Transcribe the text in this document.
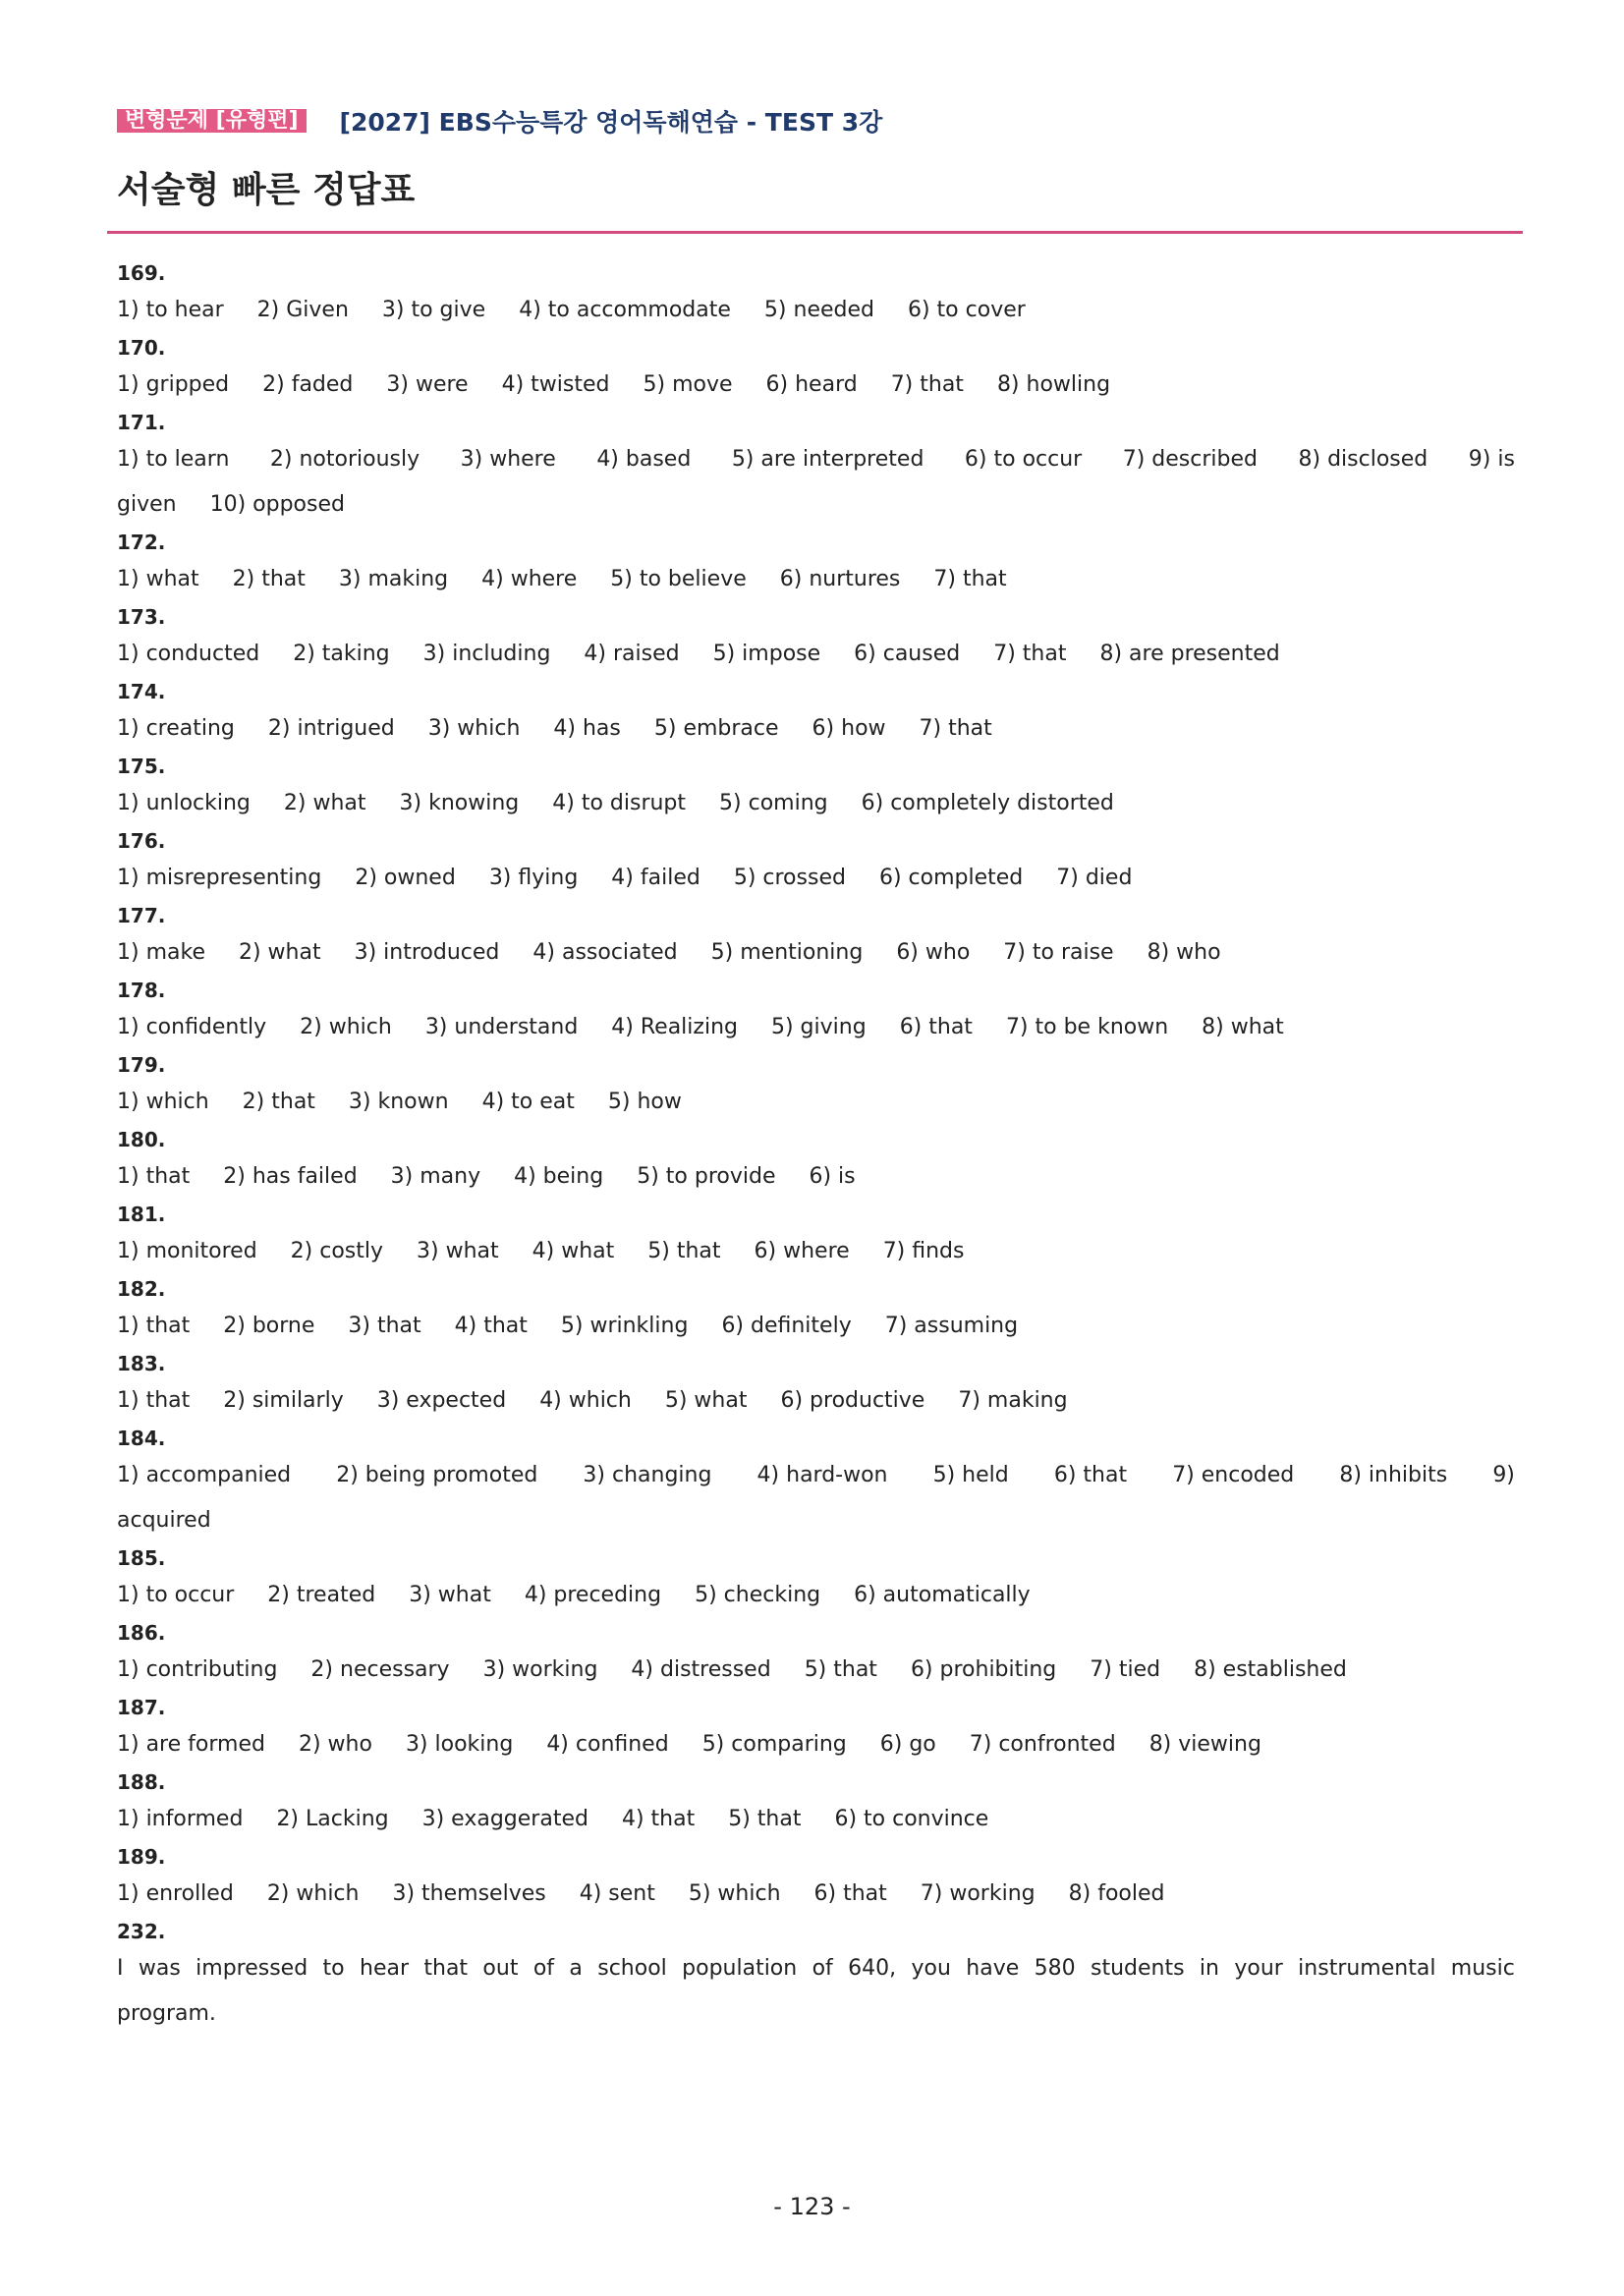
변형문제 [유형편]	[2027] EBS수능특강 영어독해연습 - TEST 3강
서술형 빠른 정답표
169.
1) to hear 2) Given 3) to give 4) to accommodate 5) needed 6) to cover
170.
1) gripped 2) faded 3) were 4) twisted 5) move 6) heard 7) that 8) howling
171.
1) to learn 2) notoriously 3) where 4) based 5) are interpreted 6) to occur 7) described 8) disclosed 9) is
given 10) opposed
172.
1) what 2) that 3) making 4) where 5) to believe 6) nurtures 7) that
173.
1) conducted 2) taking 3) including 4) raised 5) impose 6) caused 7) that 8) are presented
174.
1) creating 2) intrigued 3) which 4) has 5) embrace 6) how 7) that
175.
1) unlocking 2) what 3) knowing 4) to disrupt 5) coming 6) completely distorted
176.
1) misrepresenting 2) owned 3) flying 4) failed 5) crossed 6) completed 7) died
177.
1) make 2) what 3) introduced 4) associated 5) mentioning 6) who 7) to raise 8) who
178.
1) confidently 2) which 3) understand 4) Realizing 5) giving 6) that 7) to be known 8) what
179.
1) which 2) that 3) known 4) to eat 5) how
180.
1) that 2) has failed 3) many 4) being 5) to provide 6) is
181.
1) monitored 2) costly 3) what 4) what 5) that 6) where 7) finds
182.
1) that 2) borne 3) that 4) that 5) wrinkling 6) definitely 7) assuming
183.
1) that 2) similarly 3) expected 4) which 5) what 6) productive 7) making
184.
1) accompanied 2) being promoted 3) changing 4) hard-won 5) held 6) that 7) encoded 8) inhibits 9)
acquired
185.
1) to occur 2) treated 3) what 4) preceding 5) checking 6) automatically
186.
1) contributing 2) necessary 3) working 4) distressed 5) that 6) prohibiting 7) tied 8) established
187.
1) are formed 2) who 3) looking 4) confined 5) comparing 6) go 7) confronted 8) viewing
188.
1) informed 2) Lacking 3) exaggerated 4) that 5) that 6) to convince
189.
1) enrolled 2) which 3) themselves 4) sent 5) which 6) that 7) working 8) fooled
232.
I was impressed to hear that out of a school population of 640, you have 580 students in your instrumental music
program.
- 123 -
